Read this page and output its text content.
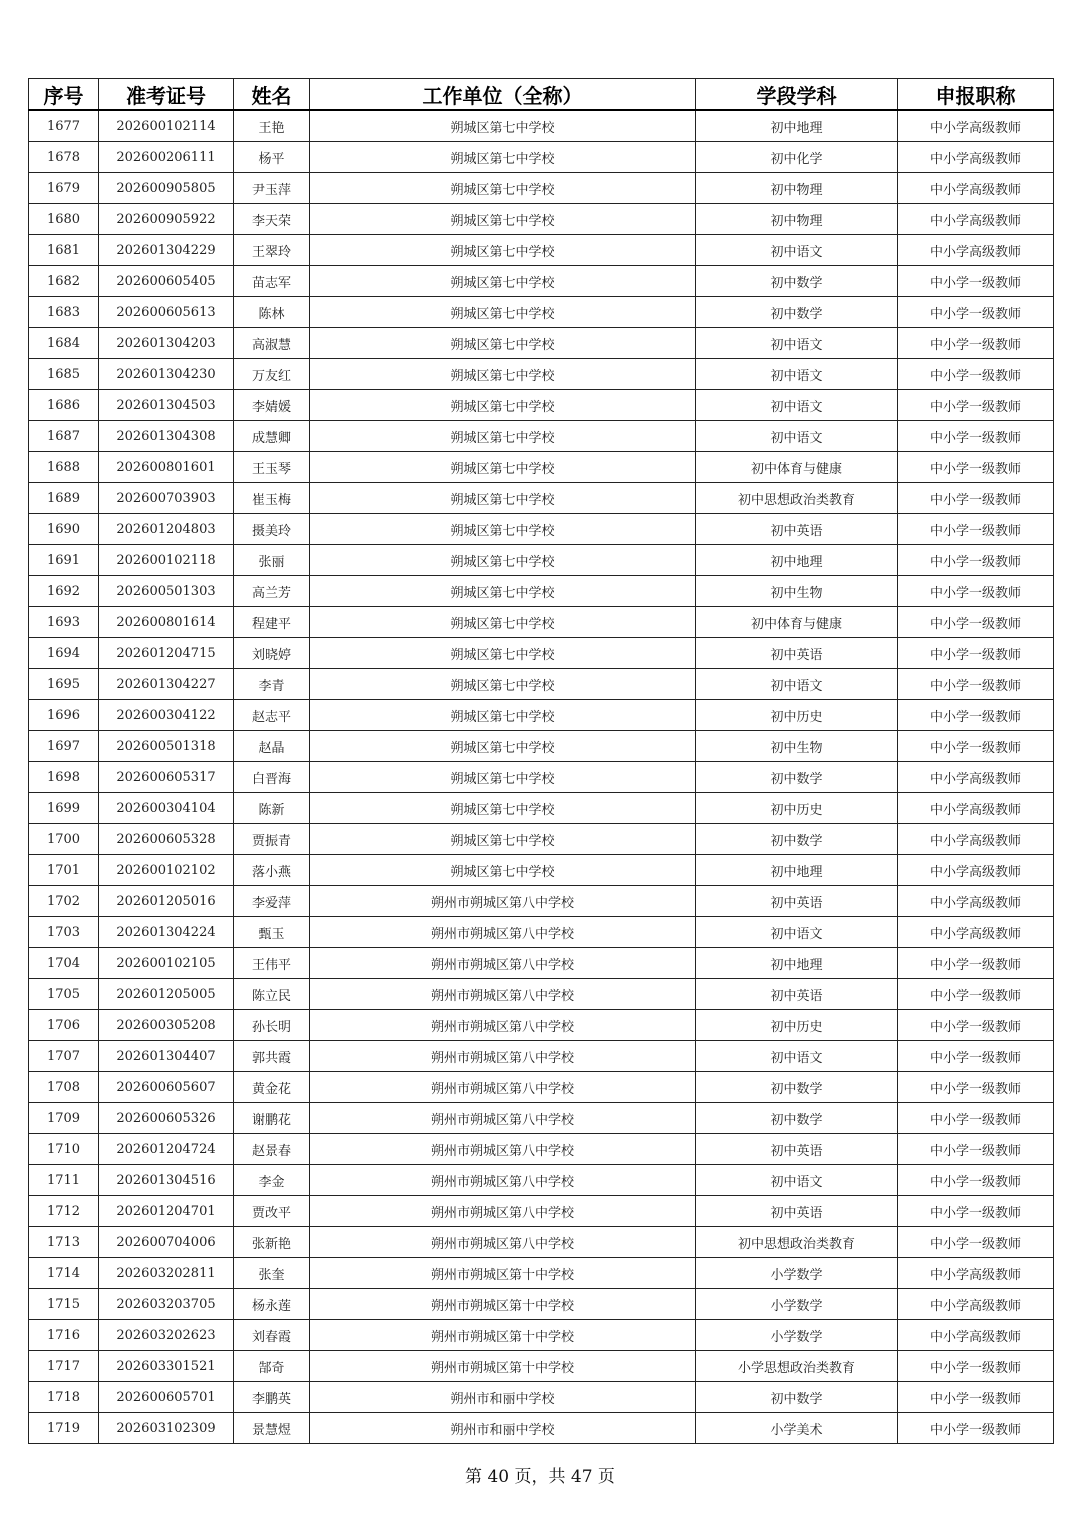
序号	准考证号	姓名	工作单位（全称）	学段学科	申报职称
1677	202600102114	王艳	朔城区第七中学校	初中地理	中小学高级教师
1678	202600206111	杨平	朔城区第七中学校	初中化学	中小学高级教师
1679	202600905805	尹玉萍	朔城区第七中学校	初中物理	中小学高级教师
1680	202600905922	李天荣	朔城区第七中学校	初中物理	中小学高级教师
1681	202601304229	王翠玲	朔城区第七中学校	初中语文	中小学高级教师
1682	202600605405	苗志军	朔城区第七中学校	初中数学	中小学一级教师
1683	202600605613	陈林	朔城区第七中学校	初中数学	中小学一级教师
1684	202601304203	高淑慧	朔城区第七中学校	初中语文	中小学一级教师
1685	202601304230	万友红	朔城区第七中学校	初中语文	中小学一级教师
1686	202601304503	李婧媛	朔城区第七中学校	初中语文	中小学一级教师
1687	202601304308	成慧卿	朔城区第七中学校	初中语文	中小学一级教师
1688	202600801601	王玉琴	朔城区第七中学校	初中体育与健康	中小学一级教师
1689	202600703903	崔玉梅	朔城区第七中学校	初中思想政治类教育	中小学一级教师
1690	202601204803	摄美玲	朔城区第七中学校	初中英语	中小学一级教师
1691	202600102118	张丽	朔城区第七中学校	初中地理	中小学一级教师
1692	202600501303	高兰芳	朔城区第七中学校	初中生物	中小学一级教师
1693	202600801614	程建平	朔城区第七中学校	初中体育与健康	中小学一级教师
1694	202601204715	刘晓婷	朔城区第七中学校	初中英语	中小学一级教师
1695	202601304227	李青	朔城区第七中学校	初中语文	中小学一级教师
1696	202600304122	赵志平	朔城区第七中学校	初中历史	中小学一级教师
1697	202600501318	赵晶	朔城区第七中学校	初中生物	中小学一级教师
1698	202600605317	白晋海	朔城区第七中学校	初中数学	中小学高级教师
1699	202600304104	陈新	朔城区第七中学校	初中历史	中小学高级教师
1700	202600605328	贾振青	朔城区第七中学校	初中数学	中小学高级教师
1701	202600102102	落小燕	朔城区第七中学校	初中地理	中小学高级教师
1702	202601205016	李爱萍	朔州市朔城区第八中学校	初中英语	中小学高级教师
1703	202601304224	甄玉	朔州市朔城区第八中学校	初中语文	中小学高级教师
1704	202600102105	王伟平	朔州市朔城区第八中学校	初中地理	中小学一级教师
1705	202601205005	陈立民	朔州市朔城区第八中学校	初中英语	中小学一级教师
1706	202600305208	孙长明	朔州市朔城区第八中学校	初中历史	中小学一级教师
1707	202601304407	郭共霞	朔州市朔城区第八中学校	初中语文	中小学一级教师
1708	202600605607	黄金花	朔州市朔城区第八中学校	初中数学	中小学一级教师
1709	202600605326	谢鹏花	朔州市朔城区第八中学校	初中数学	中小学一级教师
1710	202601204724	赵景春	朔州市朔城区第八中学校	初中英语	中小学一级教师
1711	202601304516	李金	朔州市朔城区第八中学校	初中语文	中小学一级教师
1712	202601204701	贾改平	朔州市朔城区第八中学校	初中英语	中小学一级教师
1713	202600704006	张新艳	朔州市朔城区第八中学校	初中思想政治类教育	中小学一级教师
1714	202603202811	张奎	朔州市朔城区第十中学校	小学数学	中小学高级教师
1715	202603203705	杨永莲	朔州市朔城区第十中学校	小学数学	中小学高级教师
1716	202603202623	刘春霞	朔州市朔城区第十中学校	小学数学	中小学高级教师
1717	202603301521	郜奇	朔州市朔城区第十中学校	小学思想政治类教育	中小学一级教师
1718	202600605701	李鹏英	朔州市和丽中学校	初中数学	中小学一级教师
1719	202603102309	景慧煜	朔州市和丽中学校	小学美术	中小学一级教师
第 40 页，共 47 页
